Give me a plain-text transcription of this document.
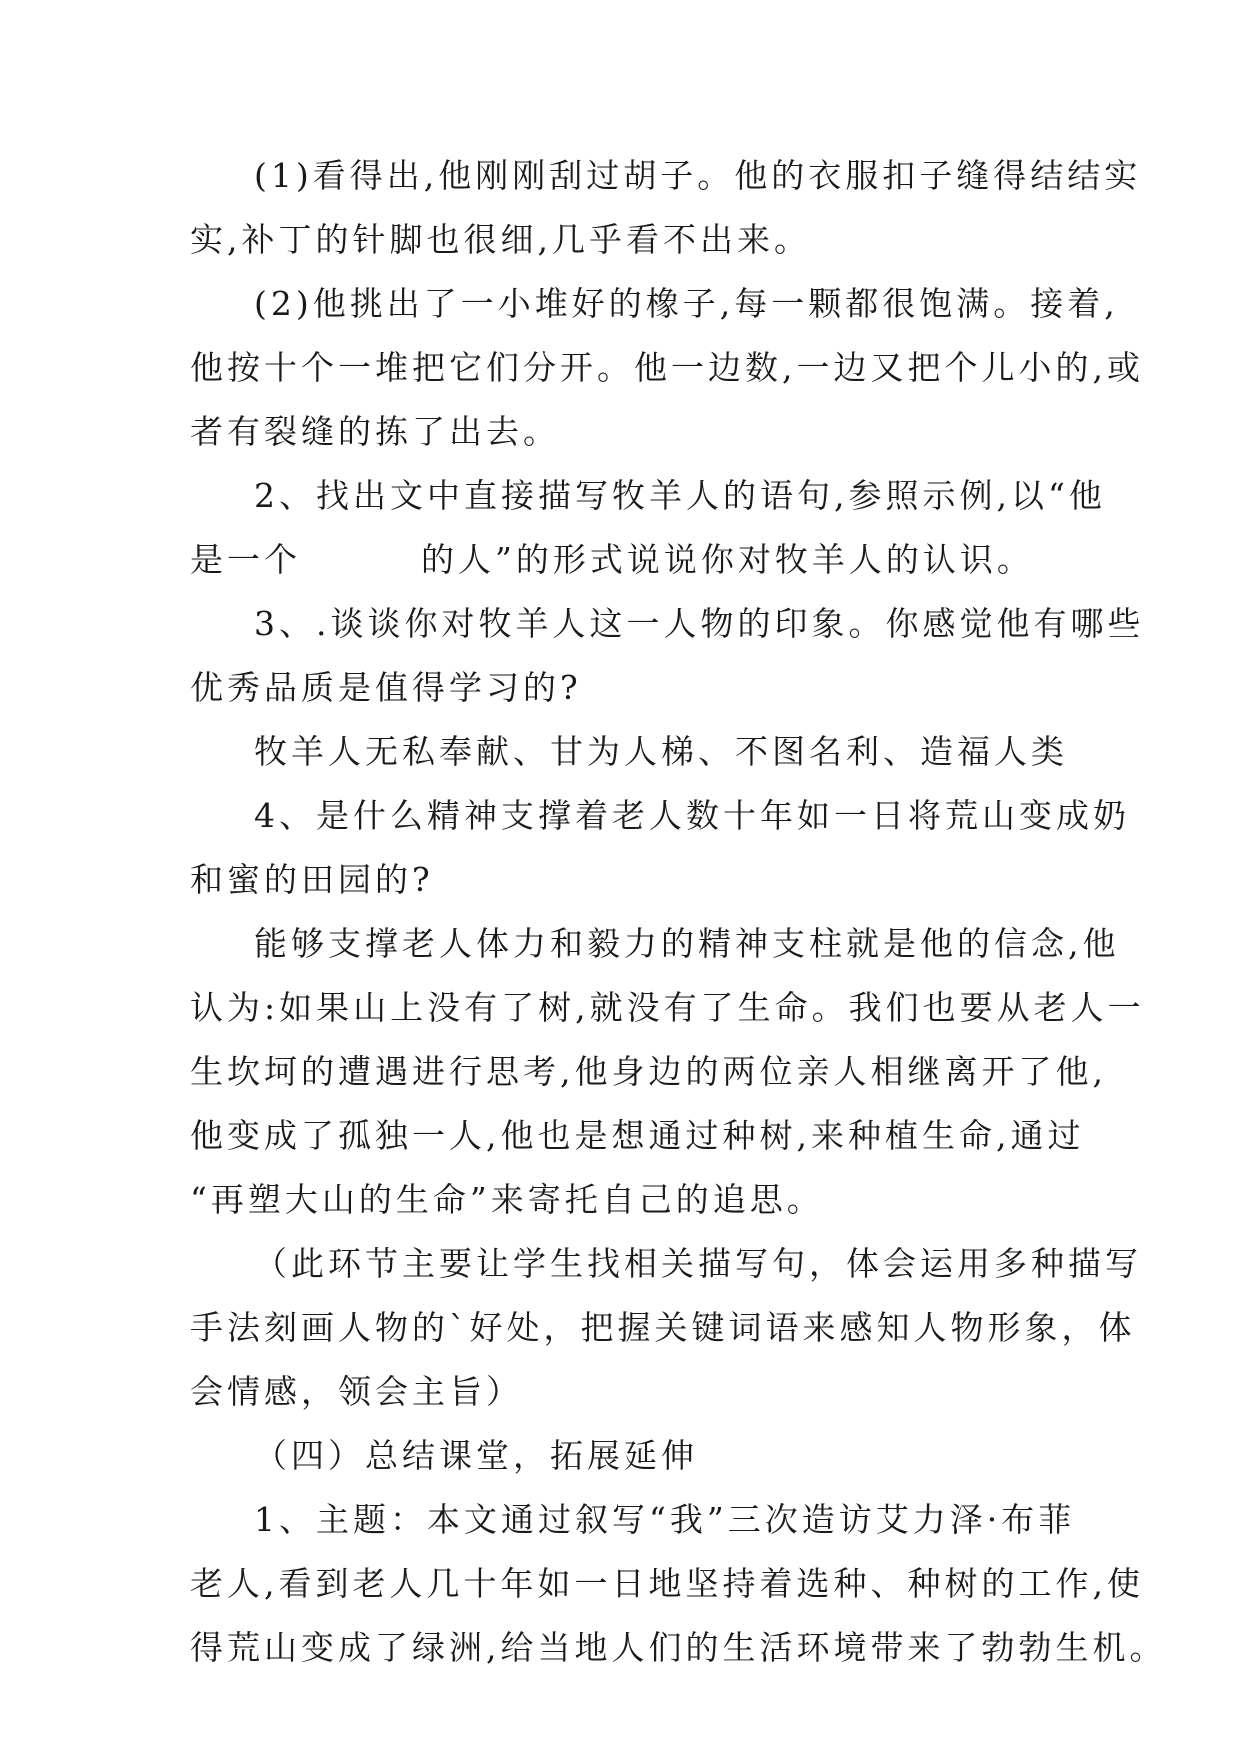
(1)看得出,他刚刚刮过胡子。他的衣服扣子缝得结结实
实,补丁的针脚也很细,几乎看不出来。
(2)他挑出了一小堆好的橡子,每一颗都很饱满。接着,
他按十个一堆把它们分开。他一边数,一边又把个儿小的,或
者有裂缝的拣了出去。
2、找出文中直接描写牧羊人的语句,参照示例,以“他
是一个	的人”的形式说说你对牧羊人的认识。
3、.谈谈你对牧羊人这一人物的印象。你感觉他有哪些
优秀品质是值得学习的?
牧羊人无私奉献、甘为人梯、不图名利、造福人类
4、是什么精神支撑着老人数十年如一日将荒山变成奶
和蜜的田园的?
能够支撑老人体力和毅力的精神支柱就是他的信念,他
认为:如果山上没有了树,就没有了生命。我们也要从老人一
生坎坷的遭遇进行思考,他身边的两位亲人相继离开了他,
他变成了孤独一人,他也是想通过种树,来种植生命,通过
“再塑大山的生命”来寄托自己的追思。
（此环节主要让学生找相关描写句，体会运用多种描写
手法刻画人物的`好处，把握关键词语来感知人物形象，体
会情感，领会主旨）
（四）总结课堂，拓展延伸
1、主题：本文通过叙写“我”三次造访艾力泽·布菲
老人,看到老人几十年如一日地坚持着选种、种树的工作,使
得荒山变成了绿洲,给当地人们的生活环境带来了勃勃生机。
